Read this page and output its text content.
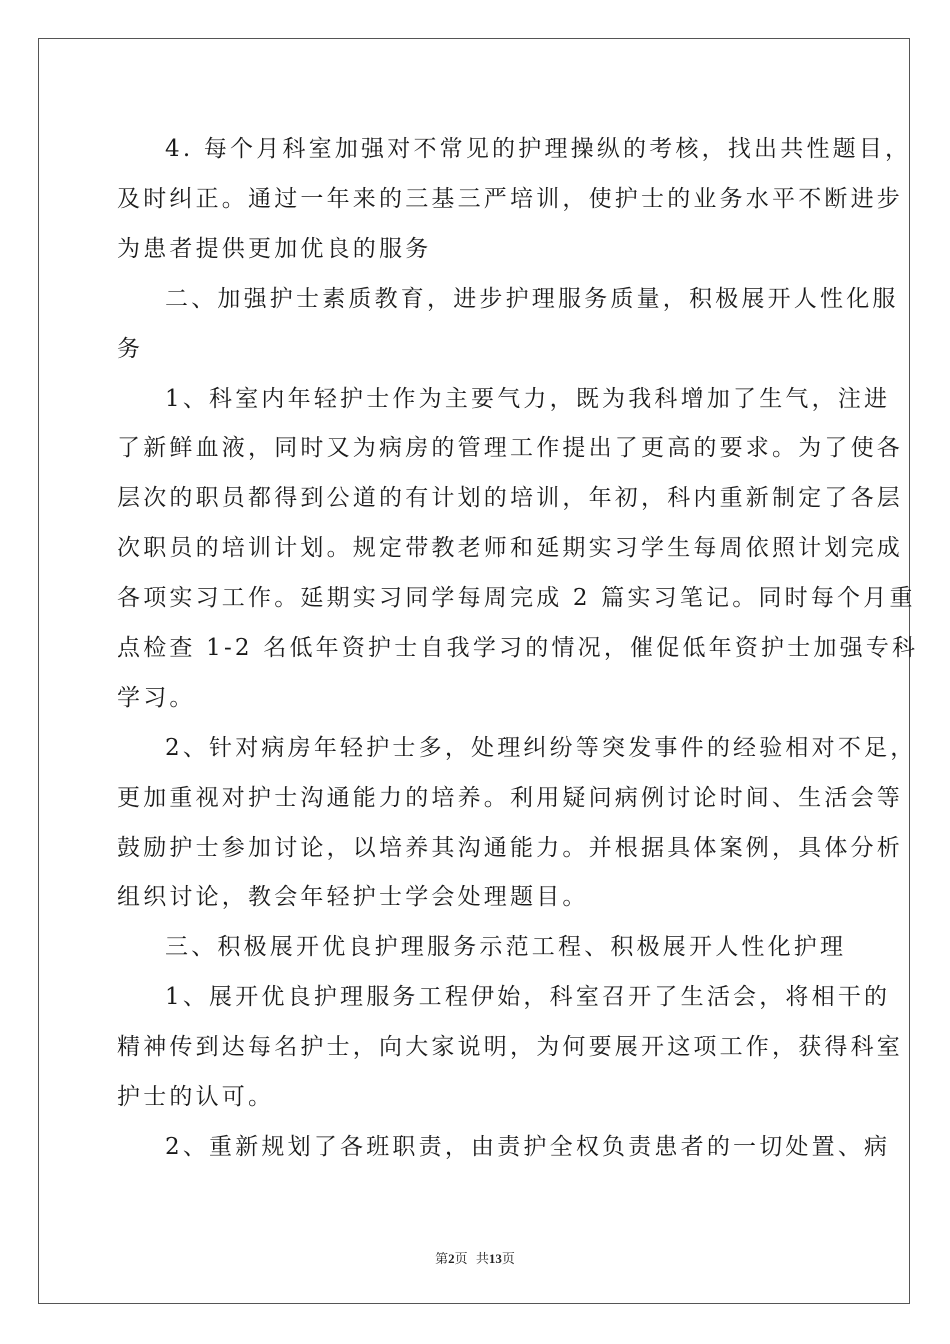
4. 每个月科室加强对不常见的护理操纵的考核，找出共性题目，
及时纠正。通过一年来的三基三严培训，使护士的业务水平不断进步
为患者提供更加优良的服务
二、加强护士素质教育，进步护理服务质量，积极展开人性化服
务
1、科室内年轻护士作为主要气力，既为我科增加了生气，注进
了新鲜血液，同时又为病房的管理工作提出了更高的要求。为了使各
层次的职员都得到公道的有计划的培训，年初，科内重新制定了各层
次职员的培训计划。规定带教老师和延期实习学生每周依照计划完成
各项实习工作。延期实习同学每周完成 2 篇实习笔记。同时每个月重
点检查 1-2 名低年资护士自我学习的情况，催促低年资护士加强专科
学习。
2、针对病房年轻护士多，处理纠纷等突发事件的经验相对不足，
更加重视对护士沟通能力的培养。利用疑问病例讨论时间、生活会等
鼓励护士参加讨论，以培养其沟通能力。并根据具体案例，具体分析
组织讨论，教会年轻护士学会处理题目。
三、积极展开优良护理服务示范工程、积极展开人性化护理
1、展开优良护理服务工程伊始，科室召开了生活会，将相干的
精神传到达每名护士，向大家说明，为何要展开这项工作，获得科室
护士的认可。
2、重新规划了各班职责，由责护全权负责患者的一切处置、病
第2页  共13页
